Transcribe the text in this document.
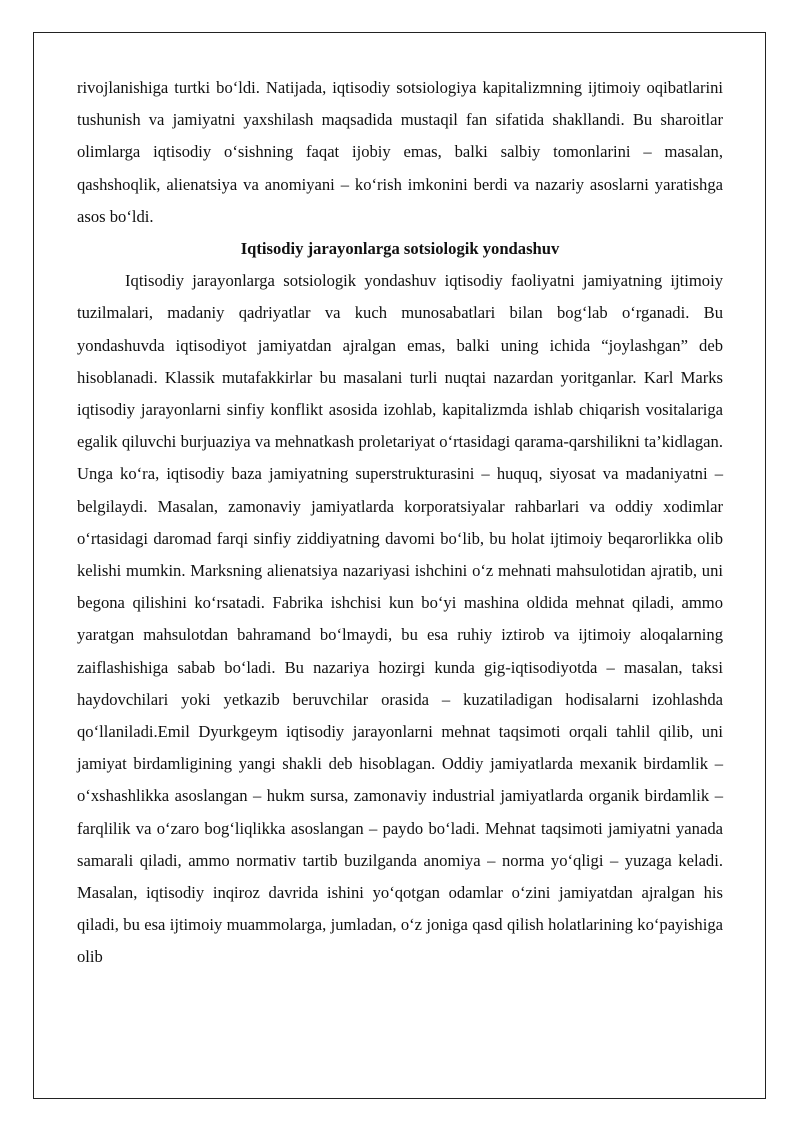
rivojlanishiga turtki bo‘ldi. Natijada, iqtisodiy sotsiologiya kapitalizmning ijtimoiy oqibatlarini tushunish va jamiyatni yaxshilash maqsadida mustaqil fan sifatida shakllandi. Bu sharoitlar olimlarga iqtisodiy o‘sishning faqat ijobiy emas, balki salbiy tomonlarini – masalan, qashshoqlik, alienatsiya va anomiyani – ko‘rish imkonini berdi va nazariy asoslarni yaratishga asos bo‘ldi.

Iqtisodiy jarayonlarga sotsiologik yondashuv

Iqtisodiy jarayonlarga sotsiologik yondashuv iqtisodiy faoliyatni jamiyatning ijtimoiy tuzilmalari, madaniy qadriyatlar va kuch munosabatlari bilan bog‘lab o‘rganadi. Bu yondashuvda iqtisodiyot jamiyatdan ajralgan emas, balki uning ichida “joylashgan” deb hisoblanadi. Klassik mutafakkirlar bu masalani turli nuqtai nazardan yoritganlar. Karl Marks iqtisodiy jarayonlarni sinfiy konflikt asosida izohlab, kapitalizmda ishlab chiqarish vositalariga egalik qiluvchi burjuaziya va mehnatkash proletariyat o‘rtasidagi qarama-qarshilikni ta’kidlagan. Unga ko‘ra, iqtisodiy baza jamiyatning superstrukturasini – huquq, siyosat va madaniyatni – belgilaydi. Masalan, zamonaviy jamiyatlarda korporatsiyalar rahbarlari va oddiy xodimlar o‘rtasidagi daromad farqi sinfiy ziddiyatning davomi bo‘lib, bu holat ijtimoiy beqarorlikka olib kelishi mumkin. Marksning alienatsiya nazariyasi ishchini o‘z mehnati mahsulotidan ajratib, uni begona qilishini ko‘rsatadi. Fabrika ishchisi kun bo‘yi mashina oldida mehnat qiladi, ammo yaratgan mahsulotdan bahramand bo‘lmaydi, bu esa ruhiy iztirob va ijtimoiy aloqalarning zaiflashishiga sabab bo‘ladi. Bu nazariya hozirgi kunda gig-iqtisodiyotda – masalan, taksi haydovchilari yoki yetkazib beruvchilar orasida – kuzatiladigan hodisalarni izohlashda qo‘llaniladi.Emil Dyurkgeym iqtisodiy jarayonlarni mehnat taqsimoti orqali tahlil qilib, uni jamiyat birdamligining yangi shakli deb hisoblagan. Oddiy jamiyatlarda mexanik birdamlik – o‘xshashlikka asoslangan – hukm sursa, zamonaviy industrial jamiyatlarda organik birdamlik – farqlilik va o‘zaro bog‘liqlikka asoslangan – paydo bo‘ladi. Mehnat taqsimoti jamiyatni yanada samarali qiladi, ammo normativ tartib buzilganda anomiya – norma yo‘qligi – yuzaga keladi. Masalan, iqtisodiy inqiroz davrida ishini yo‘qotgan odamlar o‘zini jamiyatdan ajralgan his qiladi, bu esa ijtimoiy muammolarga, jumladan, o‘z joniga qasd qilish holatlarining ko‘payishiga olib
